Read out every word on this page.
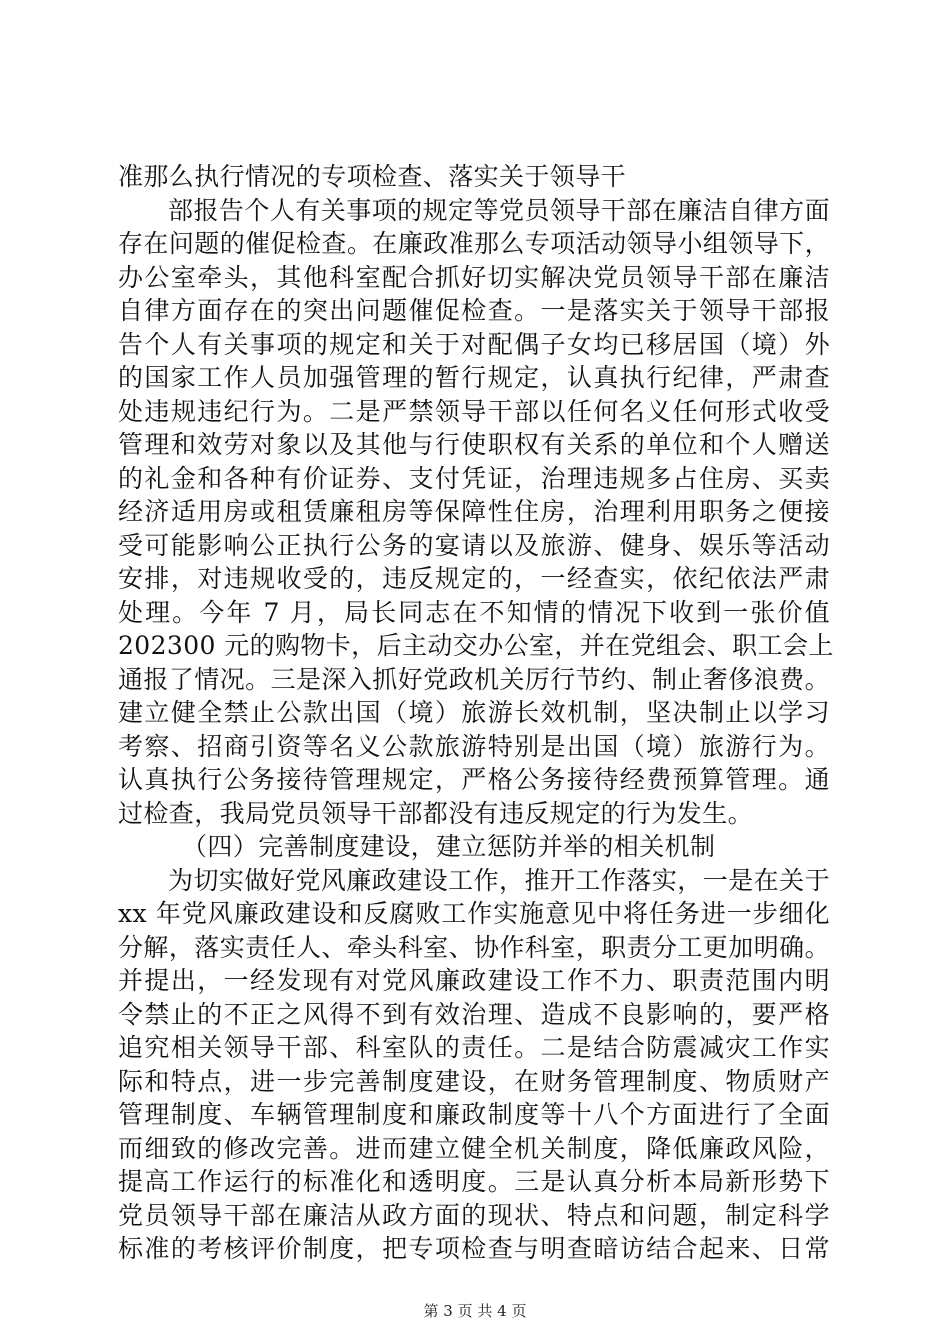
准那么执行情况的专项检查、落实关于领导干

部报告个人有关事项的规定等党员领导干部在廉洁自律方面

存在问题的催促检查。在廉政准那么专项活动领导小组领导下，

办公室牵头，其他科室配合抓好切实解决党员领导干部在廉洁

自律方面存在的突出问题催促检查。一是落实关于领导干部报

告个人有关事项的规定和关于对配偶子女均已移居国（境）外

的国家工作人员加强管理的暂行规定，认真执行纪律，严肃查

处违规违纪行为。二是严禁领导干部以任何名义任何形式收受

管理和效劳对象以及其他与行使职权有关系的单位和个人赠送

的礼金和各种有价证券、支付凭证，治理违规多占住房、买卖

经济适用房或租赁廉租房等保障性住房，治理利用职务之便接

受可能影响公正执行公务的宴请以及旅游、健身、娱乐等活动

安排，对违规收受的，违反规定的，一经查实，依纪依法严肃

处理。今年 7 月，局长同志在不知情的情况下收到一张价值

202300 元的购物卡，后主动交办公室，并在党组会、职工会上

通报了情况。三是深入抓好党政机关厉行节约、制止奢侈浪费。

建立健全禁止公款出国（境）旅游长效机制，坚决制止以学习

考察、招商引资等名义公款旅游特别是出国（境）旅游行为。

认真执行公务接待管理规定，严格公务接待经费预算管理。通

过检查，我局党员领导干部都没有违反规定的行为发生。

（四）完善制度建设，建立惩防并举的相关机制

为切实做好党风廉政建设工作，推开工作落实，一是在关于

xx 年党风廉政建设和反腐败工作实施意见中将任务进一步细化

分解，落实责任人、牵头科室、协作科室，职责分工更加明确。

并提出，一经发现有对党风廉政建设工作不力、职责范围内明

令禁止的不正之风得不到有效治理、造成不良影响的，要严格

追究相关领导干部、科室队的责任。二是结合防震减灾工作实

际和特点，进一步完善制度建设，在财务管理制度、物质财产

管理制度、车辆管理制度和廉政制度等十八个方面进行了全面

而细致的修改完善。进而建立健全机关制度，降低廉政风险，

提高工作运行的标准化和透明度。三是认真分析本局新形势下

党员领导干部在廉洁从政方面的现状、特点和问题，制定科学

标准的考核评价制度，把专项检查与明查暗访结合起来、日常

第 3 页 共 4 页
